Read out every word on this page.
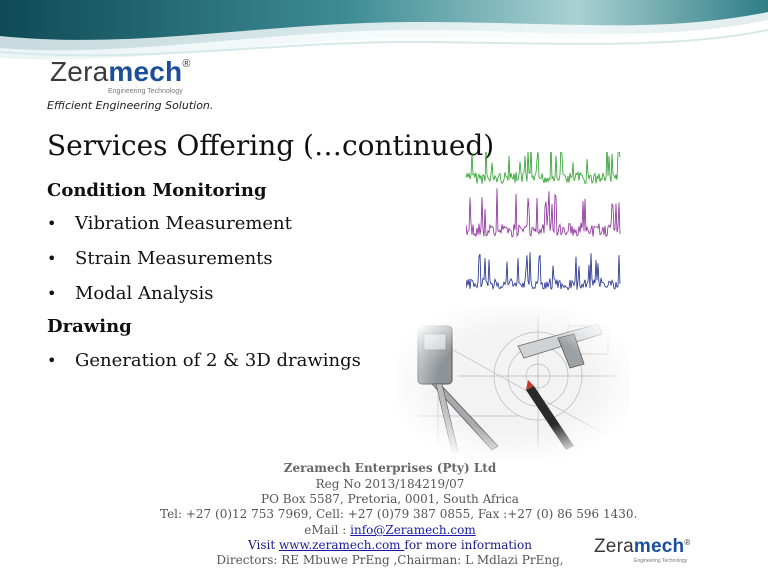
Zeramech®
Engineering Technology
Efficient Engineering Solution.
Services Offering (…continued)
Condition Monitoring
• Vibration Measurement
• Strain Measurements
• Modal Analysis
Drawing
• Generation of 2 & 3D drawings
Zeramech Enterprises (Pty) Ltd
Reg No 2013/184219/07
PO Box 5587, Pretoria, 0001, South Africa
Tel: +27 (0)12 753 7969, Cell: +27 (0)79 387 0855, Fax :+27 (0) 86 596 1430.
eMail : info@Zeramech.com
Visit www.zeramech.com for more information
Directors: RE Mbuwe PrEng ,Chairman: L Mdlazi PrEng,
Zeramech®
Engineering Technology
